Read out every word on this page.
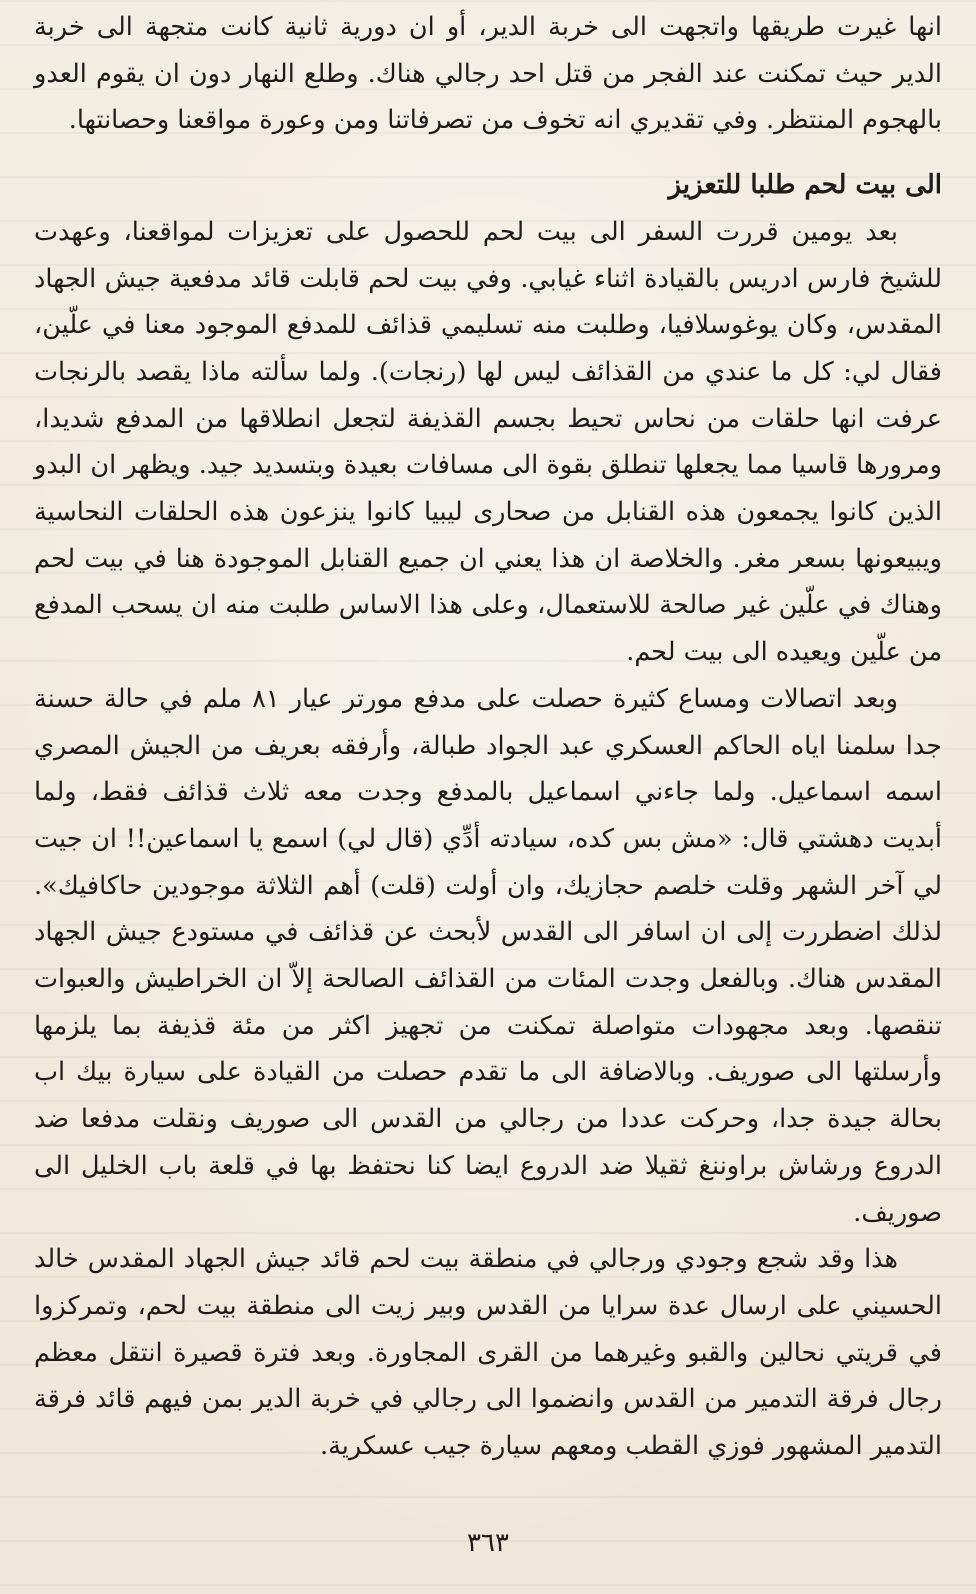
انها غيرت طريقها واتجهت الى خربة الدير، أو ان دورية ثانية كانت متجهة الى خربة الدير حيث تمكنت عند الفجر من قتل احد رجالي هناك. وطلع النهار دون ان يقوم العدو بالهجوم المنتظر. وفي تقديري انه تخوف من تصرفاتنا ومن وعورة مواقعنا وحصانتها.

الى بيت لحم طلبا للتعزيز

بعد يومين قررت السفر الى بيت لحم للحصول على تعزيزات لمواقعنا، وعهدت للشيخ فارس ادريس بالقيادة اثناء غيابي. وفي بيت لحم قابلت قائد مدفعية جيش الجهاد المقدس، وكان يوغوسلافيا، وطلبت منه تسليمي قذائف للمدفع الموجود معنا في علّين، فقال لي: كل ما عندي من القذائف ليس لها (رنجات). ولما سألته ماذا يقصد بالرنجات عرفت انها حلقات من نحاس تحيط بجسم القذيفة لتجعل انطلاقها من المدفع شديدا، ومرورها قاسيا مما يجعلها تنطلق بقوة الى مسافات بعيدة وبتسديد جيد. ويظهر ان البدو الذين كانوا يجمعون هذه القنابل من صحارى ليبيا كانوا ينزعون هذه الحلقات النحاسية ويبيعونها بسعر مغر. والخلاصة ان هذا يعني ان جميع القنابل الموجودة هنا في بيت لحم وهناك في علّين غير صالحة للاستعمال، وعلى هذا الاساس طلبت منه ان يسحب المدفع من علّين ويعيده الى بيت لحم.

وبعد اتصالات ومساع كثيرة حصلت على مدفع مورتر عيار ٨١ ملم في حالة حسنة جدا سلمنا اياه الحاكم العسكري عبد الجواد طبالة، وأرفقه بعريف من الجيش المصري اسمه اسماعيل. ولما جاءني اسماعيل بالمدفع وجدت معه ثلاث قذائف فقط، ولما أبديت دهشتي قال: «مش بس كده، سيادته أدِّي (قال لي) اسمع يا اسماعين!! ان جيت لي آخر الشهر وقلت خلصم حجازيك، وان أولت (قلت) أهم الثلاثة موجودين حاكافيك». لذلك اضطررت إلى ان اسافر الى القدس لأبحث عن قذائف في مستودع جيش الجهاد المقدس هناك. وبالفعل وجدت المئات من القذائف الصالحة إلاّ ان الخراطيش والعبوات تنقصها. وبعد مجهودات متواصلة تمكنت من تجهيز اكثر من مئة قذيفة بما يلزمها وأرسلتها الى صوريف. وبالاضافة الى ما تقدم حصلت من القيادة على سيارة بيك اب بحالة جيدة جدا، وحركت عددا من رجالي من القدس الى صوريف ونقلت مدفعا ضد الدروع ورشاش براوننغ ثقيلا ضد الدروع ايضا كنا نحتفظ بها في قلعة باب الخليل الى صوريف.

هذا وقد شجع وجودي ورجالي في منطقة بيت لحم قائد جيش الجهاد المقدس خالد الحسيني على ارسال عدة سرايا من القدس وبير زيت الى منطقة بيت لحم، وتمركزوا في قريتي نحالين والقبو وغيرهما من القرى المجاورة. وبعد فترة قصيرة انتقل معظم رجال فرقة التدمير من القدس وانضموا الى رجالي في خربة الدير بمن فيهم قائد فرقة التدمير المشهور فوزي القطب ومعهم سيارة جيب عسكرية.

٣٦٣
